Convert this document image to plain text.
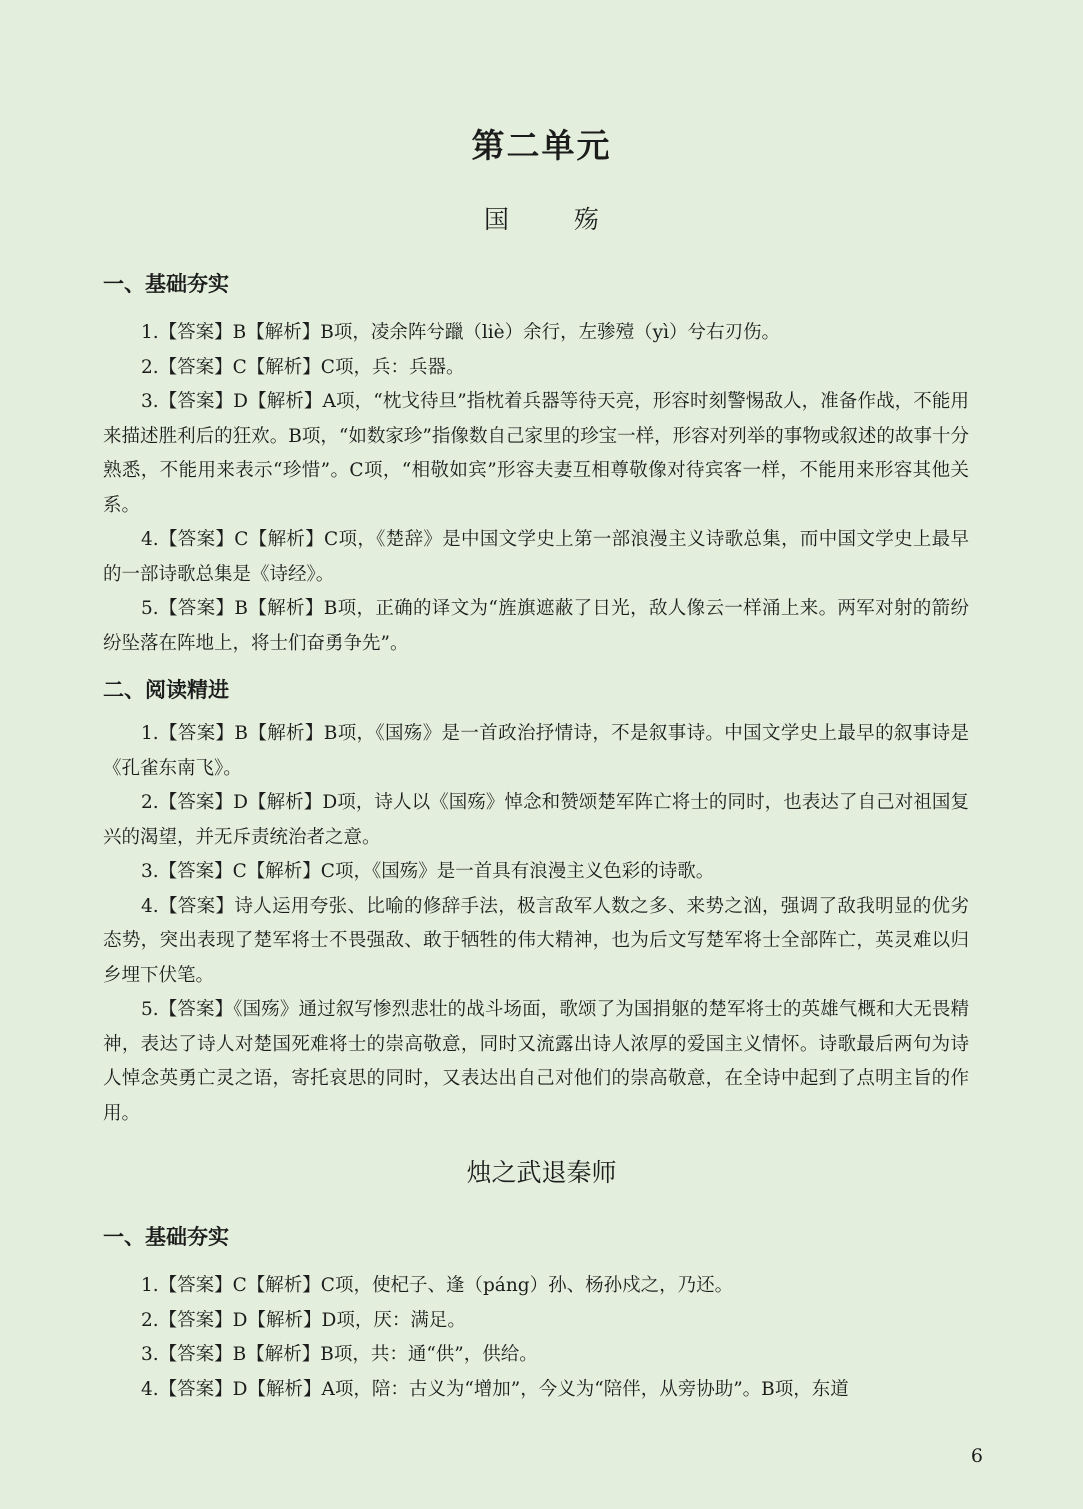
第二单元
国　殇
一、基础夯实

1.【答案】B【解析】B项，凌余阵兮躐（liè）余行，左骖殪（yì）兮右刃伤。

2.【答案】C【解析】C项，兵：兵器。

3.【答案】D【解析】A项，“枕戈待旦”指枕着兵器等待天亮，形容时刻警惕敌人，准备作战，不能用来描述胜利后的狂欢。B项，“如数家珍”指像数自己家里的珍宝一样，形容对列举的事物或叙述的故事十分熟悉，不能用来表示“珍惜”。C项，“相敬如宾”形容夫妻互相尊敬像对待宾客一样，不能用来形容其他关系。

4.【答案】C【解析】C项，《楚辞》是中国文学史上第一部浪漫主义诗歌总集，而中国文学史上最早的一部诗歌总集是《诗经》。

5.【答案】B【解析】B项，正确的译文为“旌旗遮蔽了日光，敌人像云一样涌上来。两军对射的箭纷纷坠落在阵地上，将士们奋勇争先”。

二、阅读精进

1.【答案】B【解析】B项，《国殇》是一首政治抒情诗，不是叙事诗。中国文学史上最早的叙事诗是《孔雀东南飞》。

2.【答案】D【解析】D项，诗人以《国殇》悼念和赞颂楚军阵亡将士的同时，也表达了自己对祖国复兴的渴望，并无斥责统治者之意。

3.【答案】C【解析】C项，《国殇》是一首具有浪漫主义色彩的诗歌。

4.【答案】诗人运用夸张、比喻的修辞手法，极言敌军人数之多、来势之汹，强调了敌我明显的优劣态势，突出表现了楚军将士不畏强敌、敢于牺牲的伟大精神，也为后文写楚军将士全部阵亡，英灵难以归乡埋下伏笔。

5.【答案】《国殇》通过叙写惨烈悲壮的战斗场面，歌颂了为国捐躯的楚军将士的英雄气概和大无畏精神，表达了诗人对楚国死难将士的崇高敬意，同时又流露出诗人浓厚的爱国主义情怀。诗歌最后两句为诗人悼念英勇亡灵之语，寄托哀思的同时，又表达出自己对他们的崇高敬意，在全诗中起到了点明主旨的作用。

烛之武退秦师
一、基础夯实

1.【答案】C【解析】C项，使杞子、逢（páng）孙、杨孙戍之，乃还。

2.【答案】D【解析】D项，厌：满足。

3.【答案】B【解析】B项，共：通“供”，供给。

4.【答案】D【解析】A项，陪：古义为“增加”，今义为“陪伴，从旁协助”。B项，东道

6
